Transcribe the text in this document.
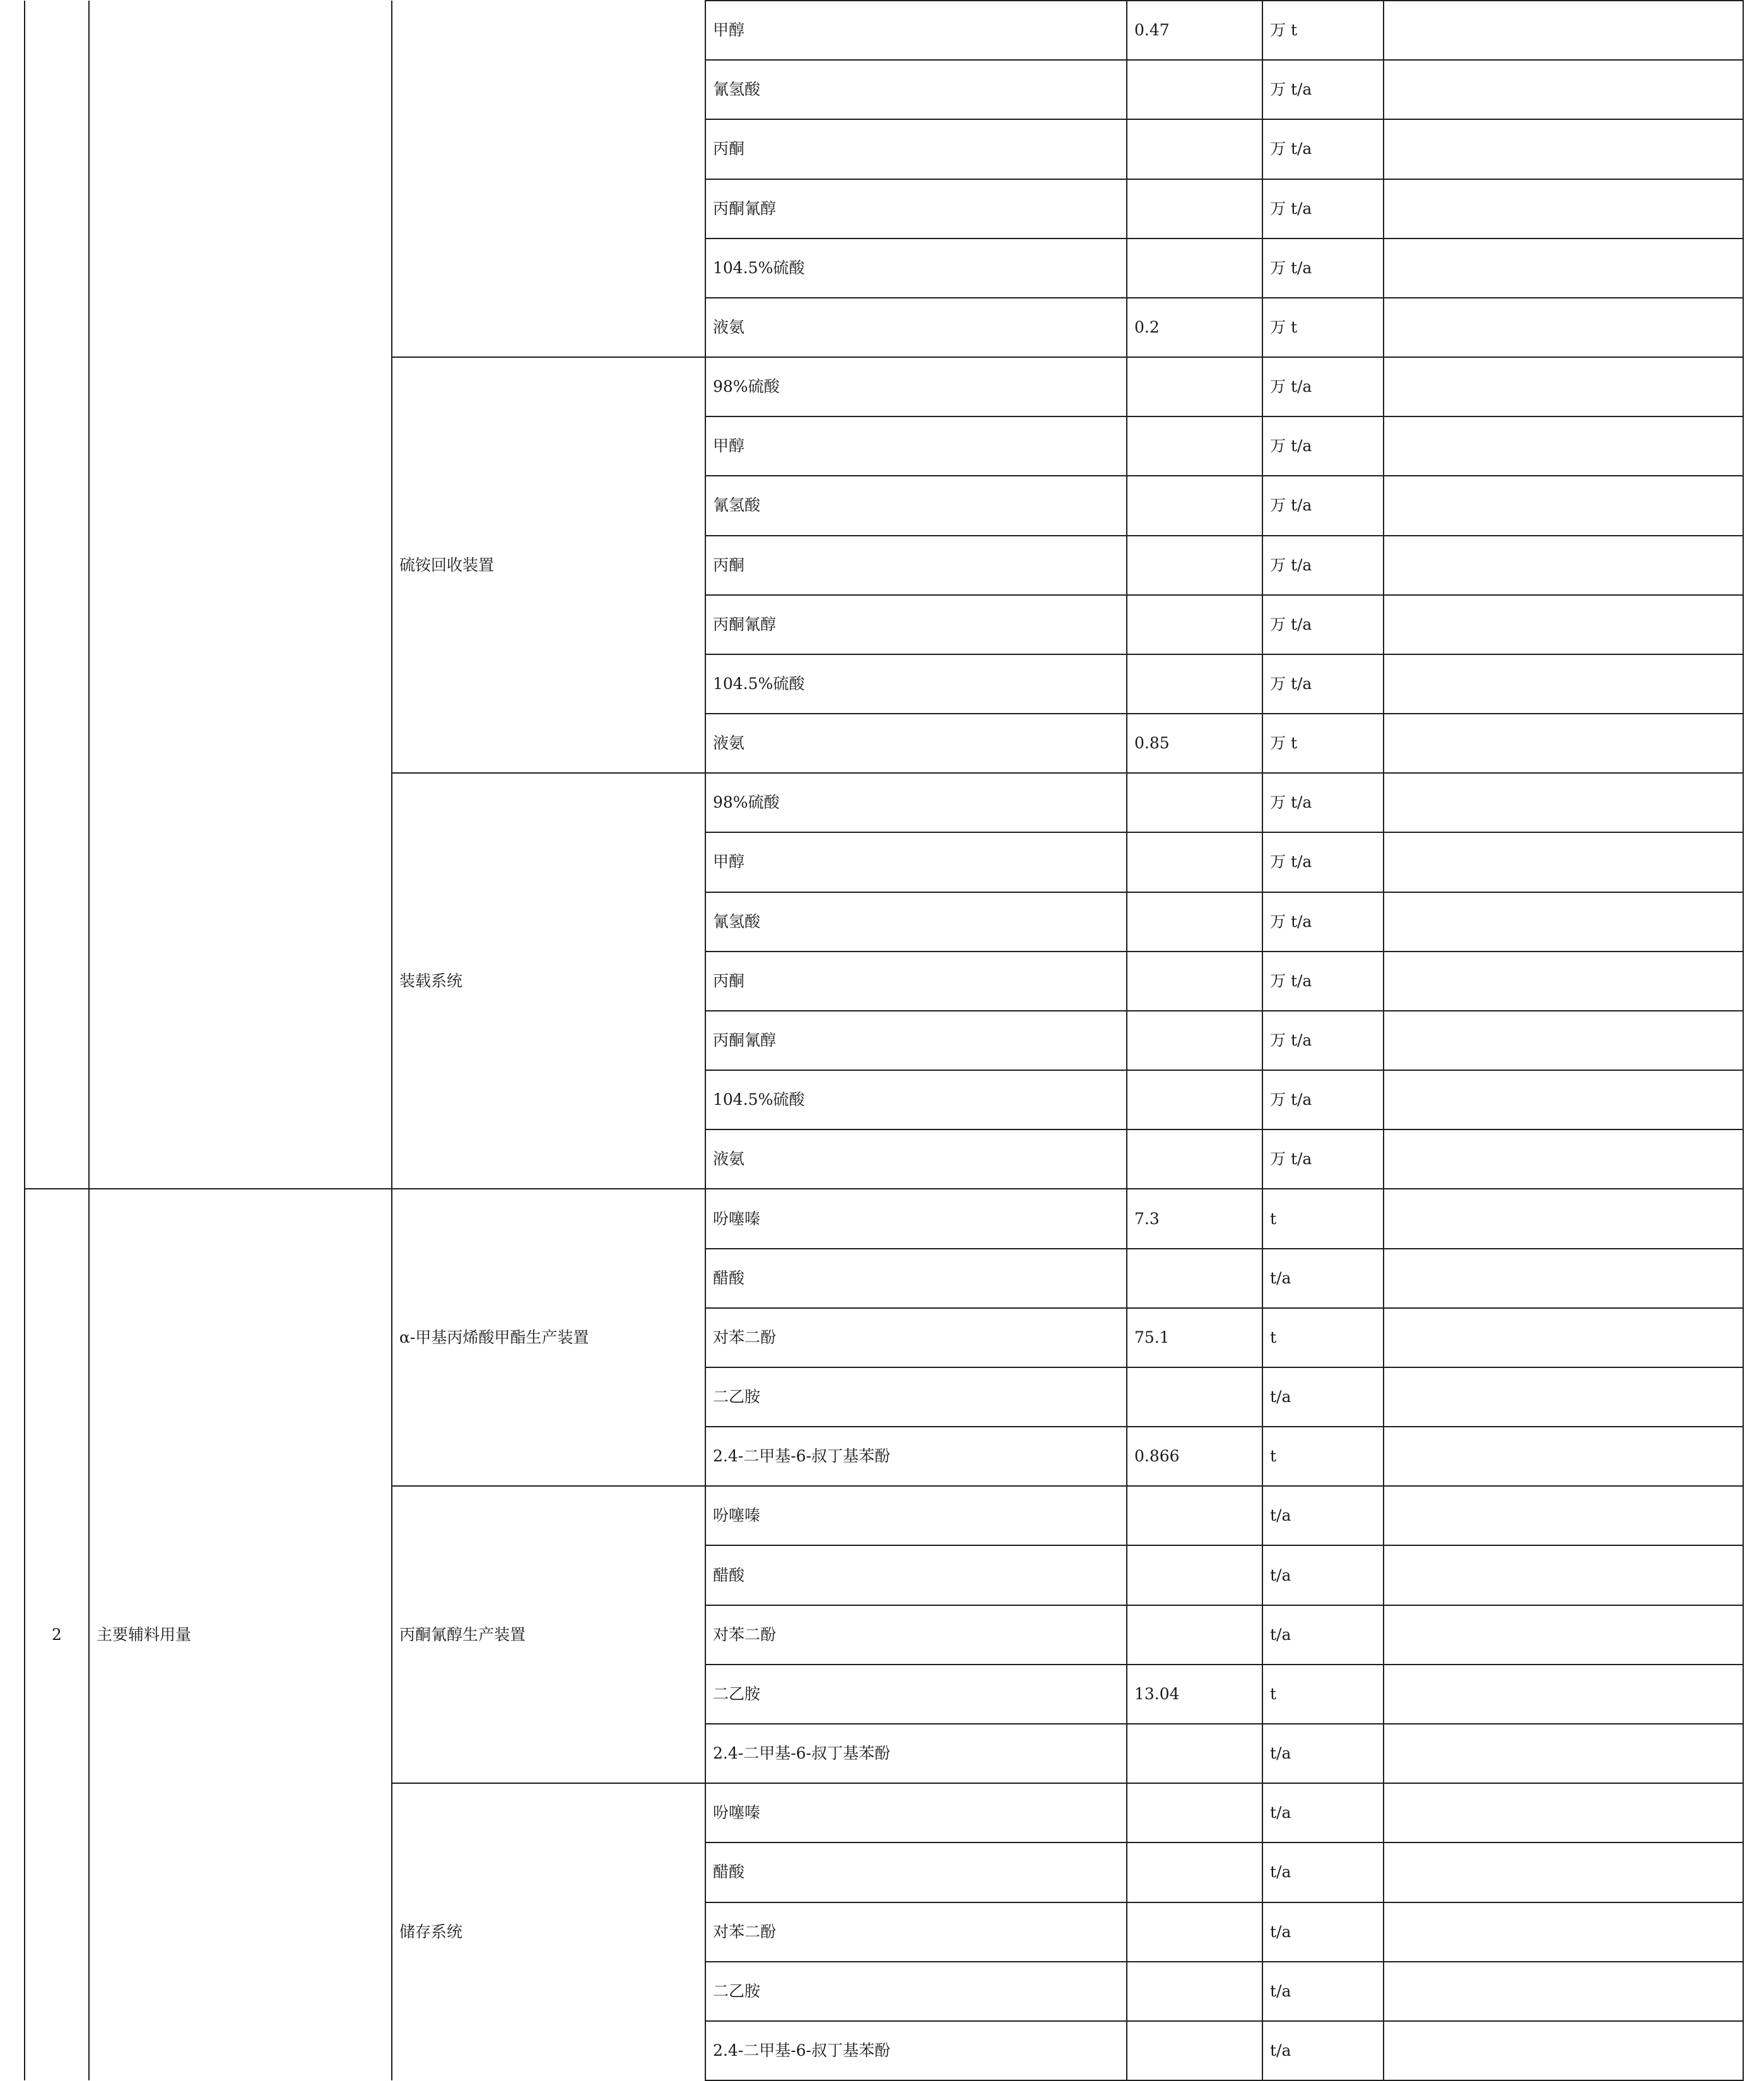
			甲醇	0.47	万 t	
			氰氢酸		万 t/a	
			丙酮		万 t/a	
			丙酮氰醇		万 t/a	
			104.5%硫酸		万 t/a	
			液氨	0.2	万 t	
		硫铵回收装置	98%硫酸		万 t/a	
			甲醇		万 t/a	
			氰氢酸		万 t/a	
			丙酮		万 t/a	
			丙酮氰醇		万 t/a	
			104.5%硫酸		万 t/a	
			液氨	0.85	万 t	
		装载系统	98%硫酸		万 t/a	
			甲醇		万 t/a	
			氰氢酸		万 t/a	
			丙酮		万 t/a	
			丙酮氰醇		万 t/a	
			104.5%硫酸		万 t/a	
			液氨		万 t/a	
2	主要辅料用量	α-甲基丙烯酸甲酯生产装置	吩噻嗪	7.3	t	
			醋酸		t/a	
			对苯二酚	75.1	t	
			二乙胺		t/a	
			2.4-二甲基-6-叔丁基苯酚	0.866	t	
		丙酮氰醇生产装置	吩噻嗪		t/a	
			醋酸		t/a	
			对苯二酚		t/a	
			二乙胺	13.04	t	
			2.4-二甲基-6-叔丁基苯酚		t/a	
		储存系统	吩噻嗪		t/a	
			醋酸		t/a	
			对苯二酚		t/a	
			二乙胺		t/a	
			2.4-二甲基-6-叔丁基苯酚		t/a	
